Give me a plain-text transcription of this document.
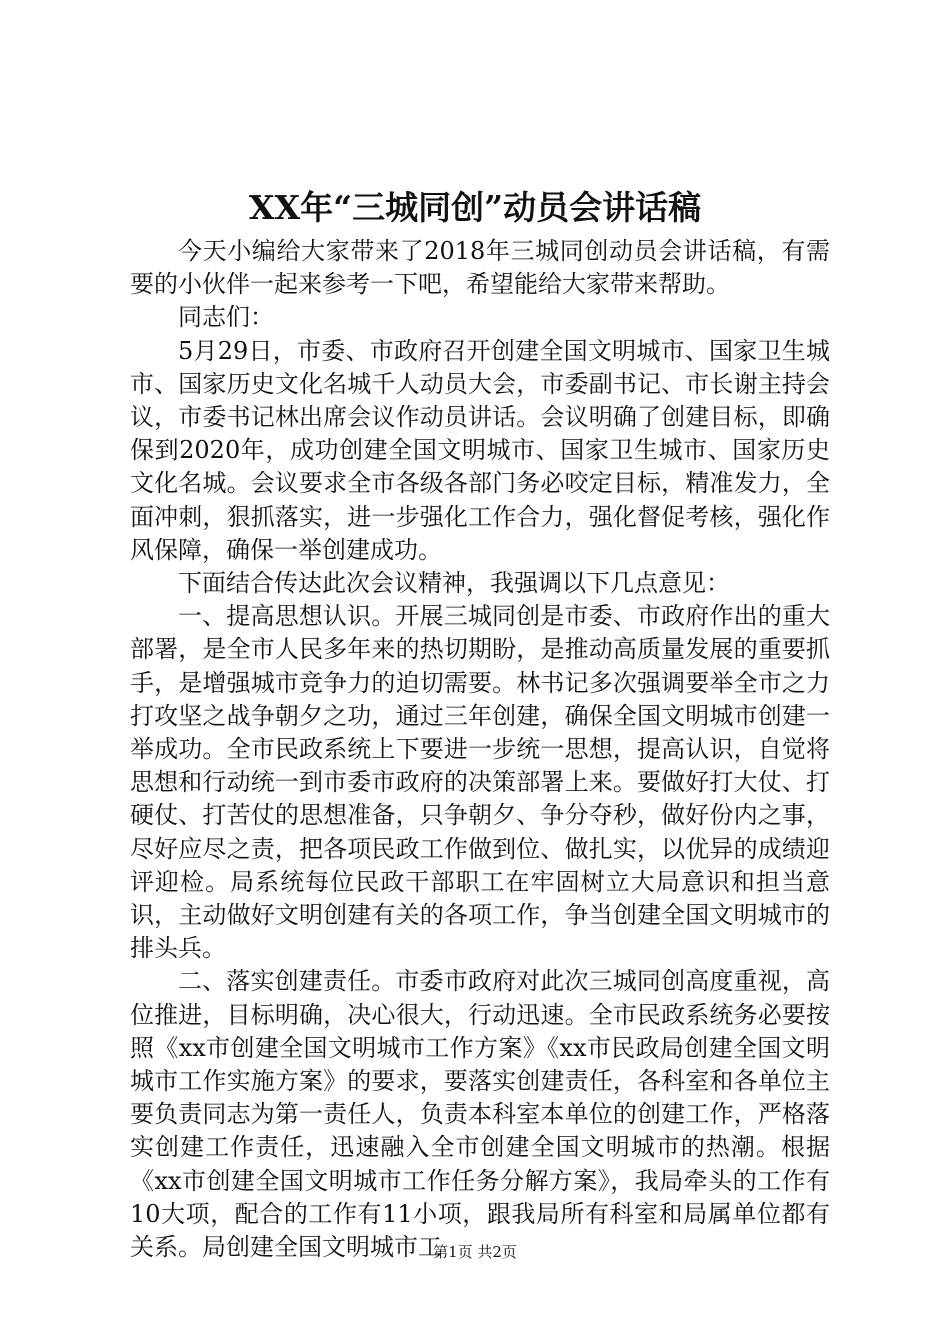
XX年“三城同创”动员会讲话稿

今天小编给大家带来了2018年三城同创动员会讲话稿，有需要的小伙伴一起来参考一下吧，希望能给大家带来帮助。

同志们：

5月29日，市委、市政府召开创建全国文明城市、国家卫生城市、国家历史文化名城千人动员大会，市委副书记、市长谢主持会议，市委书记林出席会议作动员讲话。会议明确了创建目标，即确保到2020年，成功创建全国文明城市、国家卫生城市、国家历史文化名城。会议要求全市各级各部门务必咬定目标，精准发力，全面冲刺，狠抓落实，进一步强化工作合力，强化督促考核，强化作风保障，确保一举创建成功。

下面结合传达此次会议精神，我强调以下几点意见：

一、提高思想认识。开展三城同创是市委、市政府作出的重大部署，是全市人民多年来的热切期盼，是推动高质量发展的重要抓手，是增强城市竞争力的迫切需要。林书记多次强调要举全市之力打攻坚之战争朝夕之功，通过三年创建，确保全国文明城市创建一举成功。全市民政系统上下要进一步统一思想，提高认识，自觉将思想和行动统一到市委市政府的决策部署上来。要做好打大仗、打硬仗、打苦仗的思想准备，只争朝夕、争分夺秒，做好份内之事，尽好应尽之责，把各项民政工作做到位、做扎实，以优异的成绩迎评迎检。局系统每位民政干部职工在牢固树立大局意识和担当意识，主动做好文明创建有关的各项工作，争当创建全国文明城市的排头兵。

二、落实创建责任。市委市政府对此次三城同创高度重视，高位推进，目标明确，决心很大，行动迅速。全市民政系统务必要按照《xx市创建全国文明城市工作方案》《xx市民政局创建全国文明城市工作实施方案》的要求，要落实创建责任，各科室和各单位主要负责同志为第一责任人，负责本科室本单位的创建工作，严格落实创建工作责任，迅速融入全市创建全国文明城市的热潮。根据《xx市创建全国文明城市工作任务分解方案》，我局牵头的工作有10大项，配合的工作有11小项，跟我局所有科室和局属单位都有关系。局创建全国文明城市工

第1页 共2页
